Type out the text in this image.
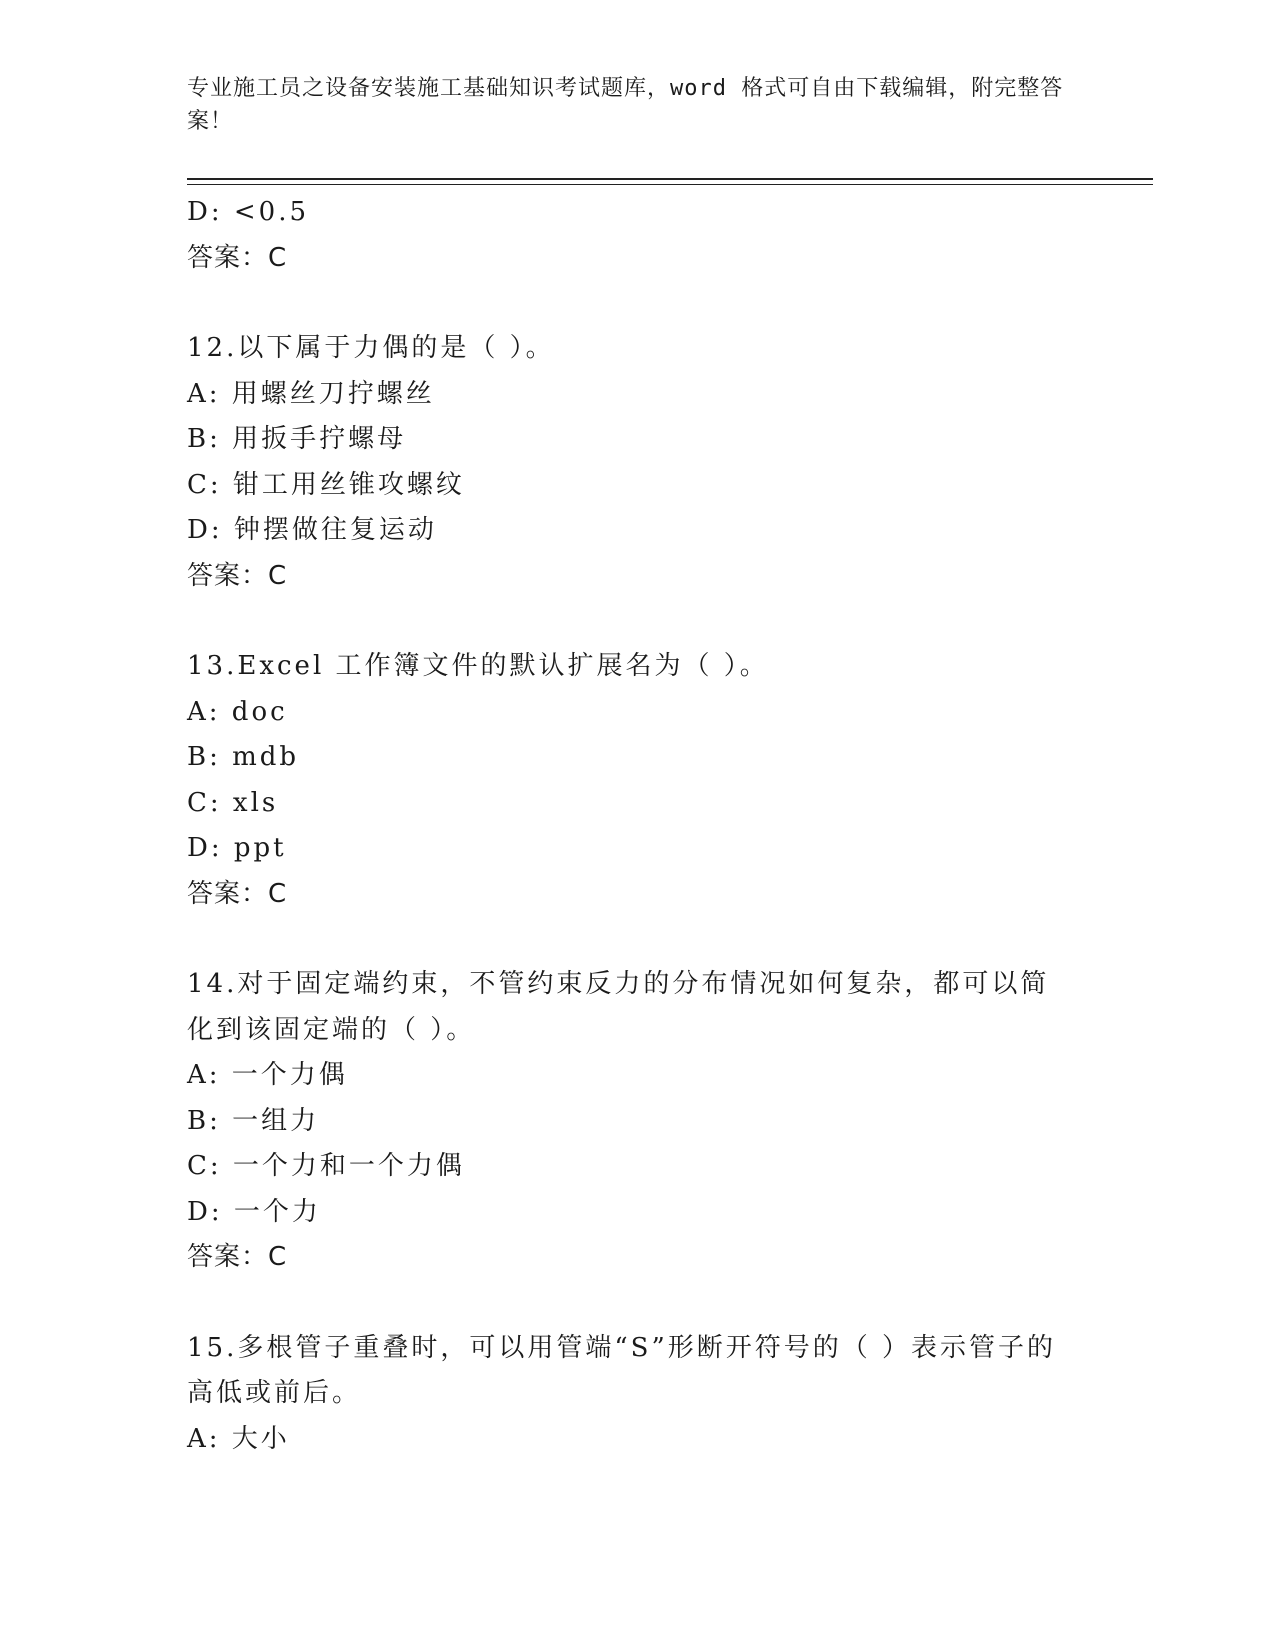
专业施工员之设备安装施工基础知识考试题库，word 格式可自由下载编辑，附完整答案！
D: <0.5
答案：C
12.以下属于力偶的是（ ）。
A: 用螺丝刀拧螺丝
B: 用扳手拧螺母
C: 钳工用丝锥攻螺纹
D: 钟摆做往复运动
答案：C
13.Excel 工作簿文件的默认扩展名为（ ）。
A: doc
B: mdb
C: xls
D: ppt
答案：C
14.对于固定端约束，不管约束反力的分布情况如何复杂，都可以简化到该固定端的（ ）。
A: 一个力偶
B: 一组力
C: 一个力和一个力偶
D: 一个力
答案：C
15.多根管子重叠时，可以用管端“S”形断开符号的（ ）表示管子的高低或前后。
A: 大小
